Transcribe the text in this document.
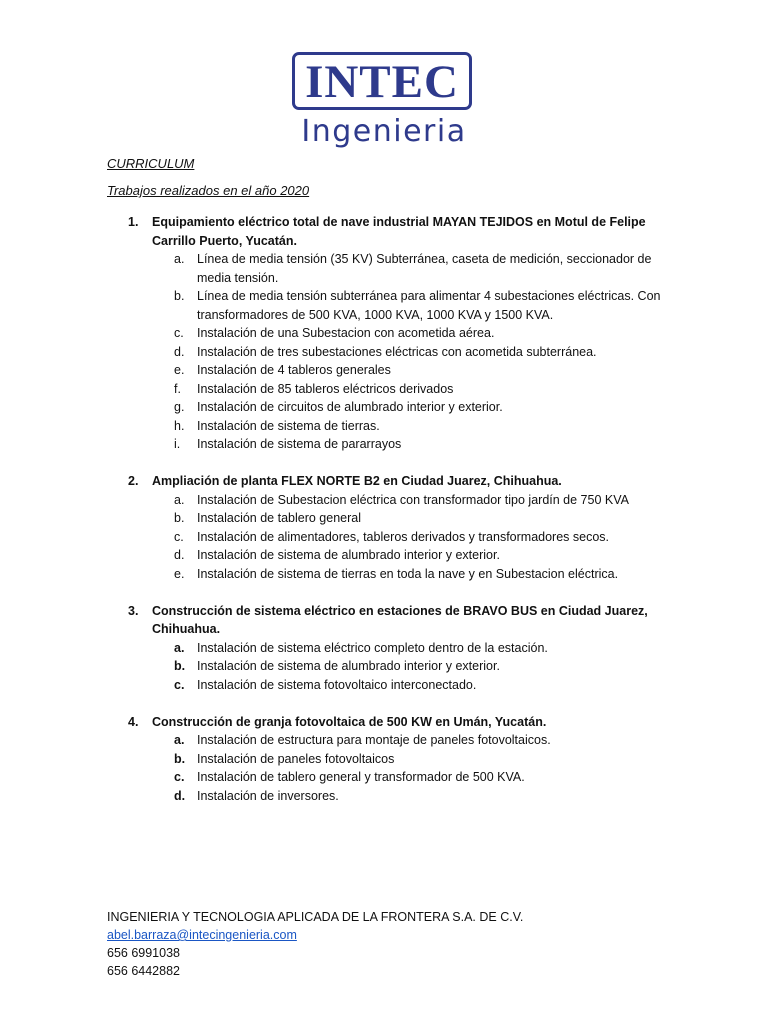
INTEC
Ingenieria
CURRICULUM
Trabajos realizados en el año 2020
1. Equipamiento eléctrico total de nave industrial MAYAN TEJIDOS en Motul de Felipe Carrillo Puerto, Yucatán.
a. Línea de media tensión (35 KV) Subterránea, caseta de medición, seccionador de media tensión.
b. Línea de media tensión subterránea para alimentar 4 subestaciones eléctricas. Con transformadores de 500 KVA, 1000 KVA, 1000 KVA y 1500 KVA.
c. Instalación de una Subestacion con acometida aérea.
d. Instalación de tres subestaciones eléctricas con acometida subterránea.
e. Instalación de 4 tableros generales
f. Instalación de 85 tableros eléctricos derivados
g. Instalación de circuitos de alumbrado interior y exterior.
h. Instalación de sistema de tierras.
i. Instalación de sistema de pararrayos
2. Ampliación de planta FLEX NORTE B2 en Ciudad Juarez, Chihuahua.
a. Instalación de Subestacion eléctrica con transformador tipo jardín de 750 KVA
b. Instalación de tablero general
c. Instalación de alimentadores, tableros derivados y transformadores secos.
d. Instalación de sistema de alumbrado interior y exterior.
e. Instalación de sistema de tierras en toda la nave y en Subestacion eléctrica.
3. Construcción de sistema eléctrico en estaciones de BRAVO BUS en Ciudad Juarez, Chihuahua.
a. Instalación de sistema eléctrico completo dentro de la estación.
b. Instalación de sistema de alumbrado interior y exterior.
c. Instalación de sistema fotovoltaico interconectado.
4. Construcción de granja fotovoltaica de 500 KW en Umán, Yucatán.
a. Instalación de estructura para montaje de paneles fotovoltaicos.
b. Instalación de paneles fotovoltaicos
c. Instalación de tablero general y transformador de 500 KVA.
d. Instalación de inversores.
INGENIERIA Y TECNOLOGIA APLICADA DE LA FRONTERA S.A. DE C.V.
abel.barraza@intecingenieria.com
656 6991038
656 6442882
